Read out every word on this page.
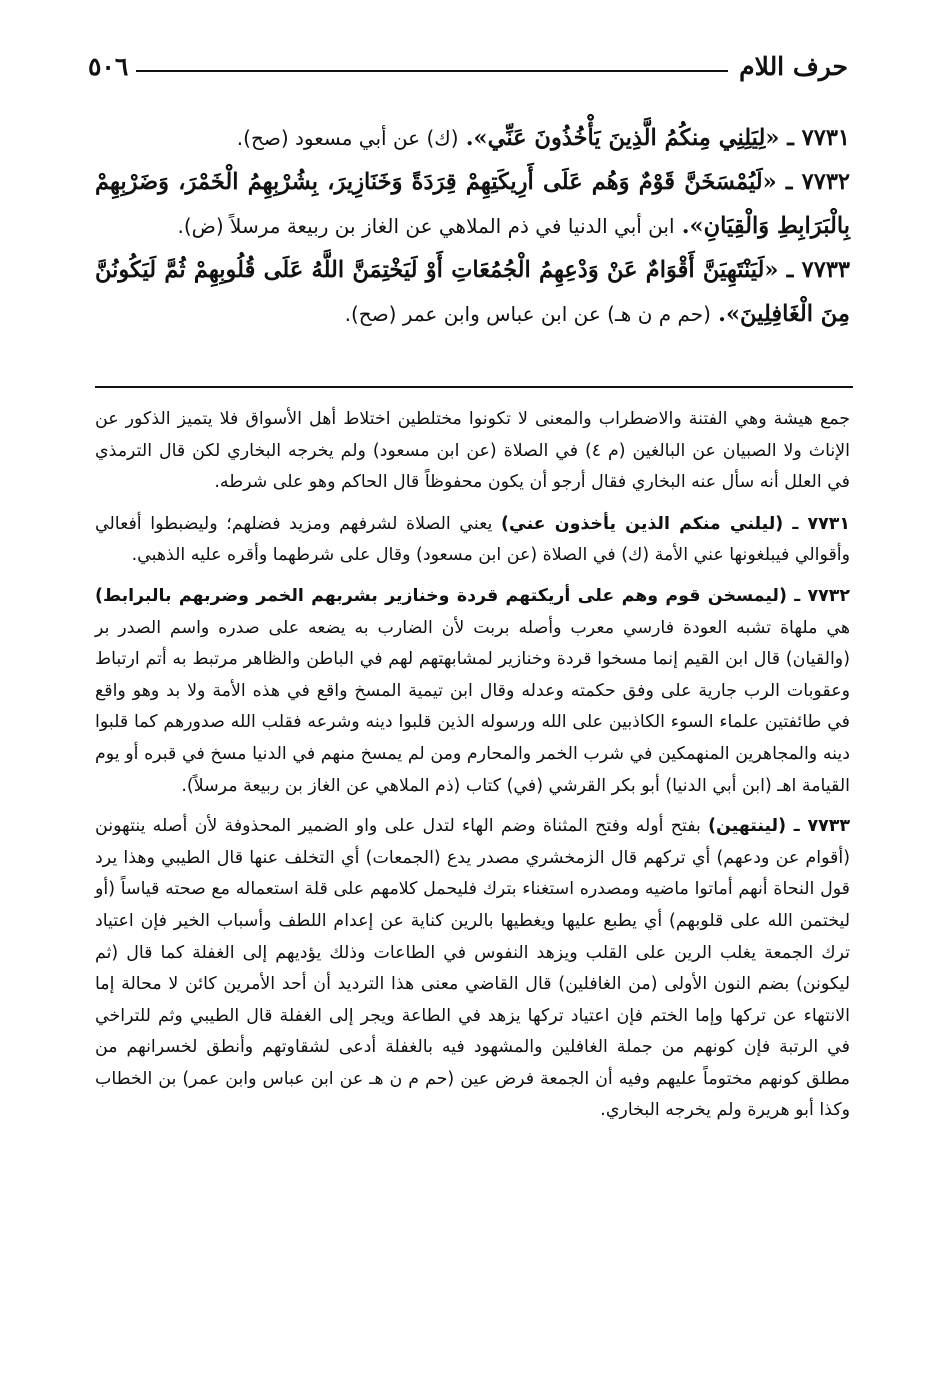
حرف اللام
٥٠٦

٧٧٣١ ـ «لِيَلِنِي مِنكُمُ الَّذِينَ يَأْخُذُونَ عَنِّي». (ك) عن أبي مسعود (صح).

٧٧٣٢ ـ «لَيُمْسَخَنَّ قَوْمٌ وَهُم عَلَى أَرِيكَتِهِمْ قِرَدَةً وَخَنَازِيرَ، بِشُرْبِهِمُ الْخَمْرَ، وَضَرْبِهِمْ بِالْبَرَابِطِ وَالْقِيَانِ». ابن أبي الدنيا في ذم الملاهي عن الغاز بن ربيعة مرسلاً (ض).

٧٧٣٣ ـ «لَيَنْتَهِيَنَّ أَقْوَامٌ عَنْ وَدْعِهِمُ الْجُمُعَاتِ أَوْ لَيَخْتِمَنَّ اللَّهُ عَلَى قُلُوبِهِمْ ثُمَّ لَيَكُونُنَّ مِنَ الْغَافِلِينَ». (حم م ن هـ) عن ابن عباس وابن عمر (صح).

جمع هيشة وهي الفتنة والاضطراب والمعنى لا تكونوا مختلطين اختلاط أهل الأسواق فلا يتميز الذكور عن الإناث ولا الصبيان عن البالغين (م ٤) في الصلاة (عن ابن مسعود) ولم يخرجه البخاري لكن قال الترمذي في العلل أنه سأل عنه البخاري فقال أرجو أن يكون محفوظاً قال الحاكم وهو على شرطه.

٧٧٣١ ـ (ليلني منكم الذين يأخذون عني) يعني الصلاة لشرفهم ومزيد فضلهم؛ وليضبطوا أفعالي وأقوالي فيبلغونها عني الأمة (ك) في الصلاة (عن ابن مسعود) وقال على شرطهما وأقره عليه الذهبي.

٧٧٣٢ ـ (ليمسخن قوم وهم على أريكتهم قردة وخنازير بشربهم الخمر وضربهم بالبرابط) هي ملهاة تشبه العودة فارسي معرب وأصله بربت لأن الضارب به يضعه على صدره واسم الصدر بر (والقيان) قال ابن القيم إنما مسخوا قردة وخنازير لمشابهتهم لهم في الباطن والظاهر مرتبط به أتم ارتباط وعقوبات الرب جارية على وفق حكمته وعدله وقال ابن تيمية المسخ واقع في هذه الأمة ولا بد وهو واقع في طائفتين علماء السوء الكاذبين على الله ورسوله الذين قلبوا دينه وشرعه فقلب الله صدورهم كما قلبوا دينه والمجاهرين المنهمكين في شرب الخمر والمحارم ومن لم يمسخ منهم في الدنيا مسخ في قبره أو يوم القيامة اهـ (ابن أبي الدنيا) أبو بكر القرشي (في) كتاب (ذم الملاهي عن الغاز بن ربيعة مرسلاً).

٧٧٣٣ ـ (لينتهين) بفتح أوله وفتح المثناة وضم الهاء لتدل على واو الضمير المحذوفة لأن أصله ينتهونن (أقوام عن ودعهم) أي تركهم قال الزمخشري مصدر يدع (الجمعات) أي التخلف عنها قال الطيبي وهذا يرد قول النحاة أنهم أماتوا ماضيه ومصدره استغناء بترك فليحمل كلامهم على قلة استعماله مع صحته قياساً (أو ليختمن الله على قلوبهم) أي يطبع عليها ويغطيها بالرين كناية عن إعدام اللطف وأسباب الخير فإن اعتياد ترك الجمعة يغلب الرين على القلب ويزهد النفوس في الطاعات وذلك يؤديهم إلى الغفلة كما قال (ثم ليكونن) بضم النون الأولى (من الغافلين) قال القاضي معنى هذا الترديد أن أحد الأمرين كائن لا محالة إما الانتهاء عن تركها وإما الختم فإن اعتياد تركها يزهد في الطاعة ويجر إلى الغفلة قال الطيبي وثم للتراخي في الرتبة فإن كونهم من جملة الغافلين والمشهود فيه بالغفلة أدعى لشقاوتهم وأنطق لخسرانهم من مطلق كونهم مختوماً عليهم وفيه أن الجمعة فرض عين (حم م ن هـ عن ابن عباس وابن عمر) بن الخطاب وكذا أبو هريرة ولم يخرجه البخاري.
